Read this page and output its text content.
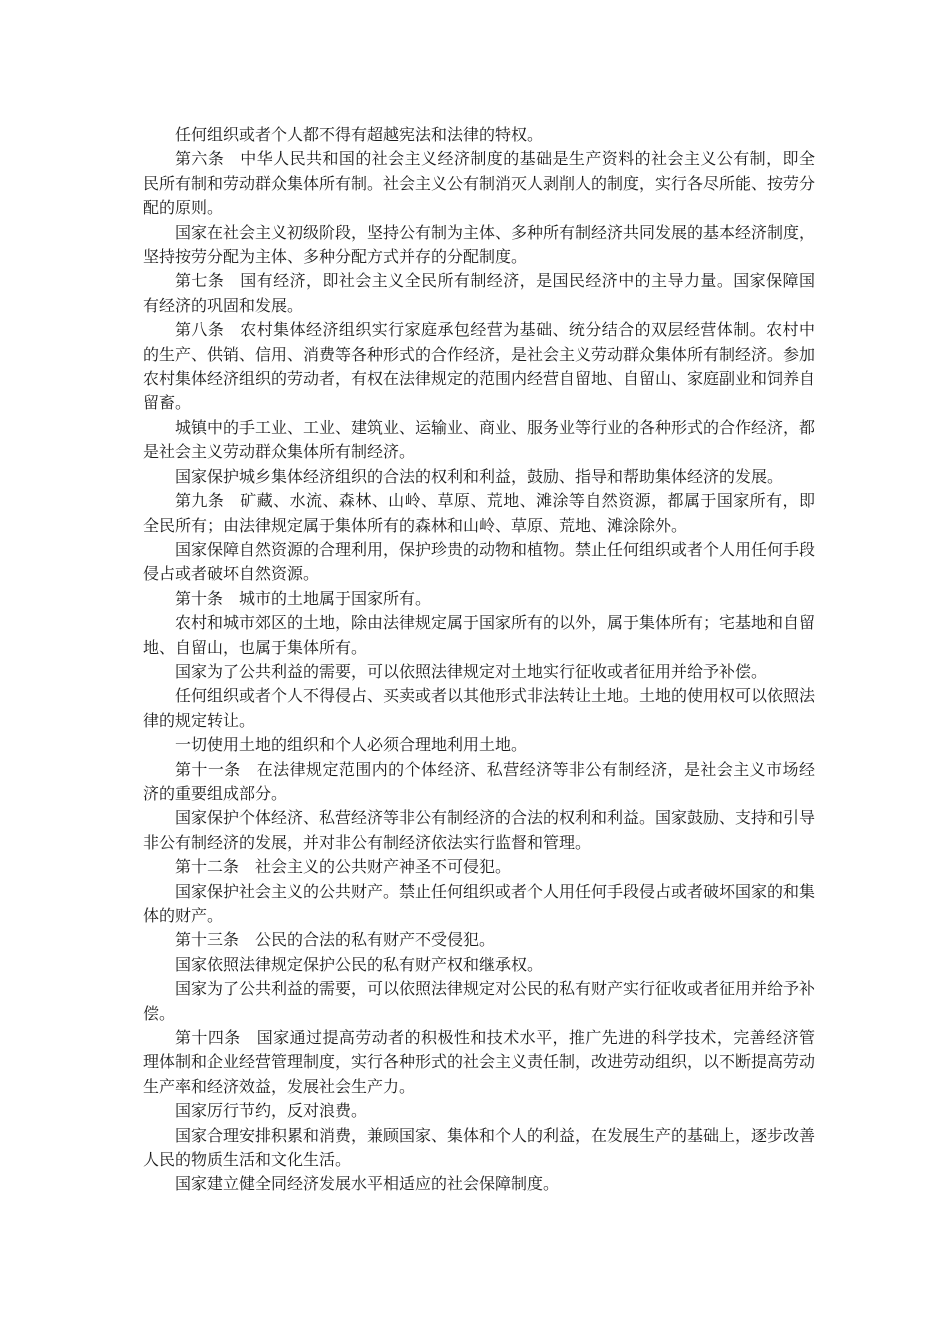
任何组织或者个人都不得有超越宪法和法律的特权。

第六条 中华人民共和国的社会主义经济制度的基础是生产资料的社会主义公有制，即全民所有制和劳动群众集体所有制。社会主义公有制消灭人剥削人的制度，实行各尽所能、按劳分配的原则。

国家在社会主义初级阶段，坚持公有制为主体、多种所有制经济共同发展的基本经济制度，坚持按劳分配为主体、多种分配方式并存的分配制度。

第七条 国有经济，即社会主义全民所有制经济，是国民经济中的主导力量。国家保障国有经济的巩固和发展。

第八条 农村集体经济组织实行家庭承包经营为基础、统分结合的双层经营体制。农村中的生产、供销、信用、消费等各种形式的合作经济，是社会主义劳动群众集体所有制经济。参加农村集体经济组织的劳动者，有权在法律规定的范围内经营自留地、自留山、家庭副业和饲养自留畜。

城镇中的手工业、工业、建筑业、运输业、商业、服务业等行业的各种形式的合作经济，都是社会主义劳动群众集体所有制经济。

国家保护城乡集体经济组织的合法的权利和利益，鼓励、指导和帮助集体经济的发展。

第九条 矿藏、水流、森林、山岭、草原、荒地、滩涂等自然资源，都属于国家所有，即全民所有；由法律规定属于集体所有的森林和山岭、草原、荒地、滩涂除外。

国家保障自然资源的合理利用，保护珍贵的动物和植物。禁止任何组织或者个人用任何手段侵占或者破坏自然资源。

第十条 城市的土地属于国家所有。

农村和城市郊区的土地，除由法律规定属于国家所有的以外，属于集体所有；宅基地和自留地、自留山，也属于集体所有。

国家为了公共利益的需要，可以依照法律规定对土地实行征收或者征用并给予补偿。

任何组织或者个人不得侵占、买卖或者以其他形式非法转让土地。土地的使用权可以依照法律的规定转让。

一切使用土地的组织和个人必须合理地利用土地。

第十一条 在法律规定范围内的个体经济、私营经济等非公有制经济，是社会主义市场经济的重要组成部分。

国家保护个体经济、私营经济等非公有制经济的合法的权利和利益。国家鼓励、支持和引导非公有制经济的发展，并对非公有制经济依法实行监督和管理。

第十二条 社会主义的公共财产神圣不可侵犯。

国家保护社会主义的公共财产。禁止任何组织或者个人用任何手段侵占或者破坏国家的和集体的财产。

第十三条 公民的合法的私有财产不受侵犯。

国家依照法律规定保护公民的私有财产权和继承权。

国家为了公共利益的需要，可以依照法律规定对公民的私有财产实行征收或者征用并给予补偿。

第十四条 国家通过提高劳动者的积极性和技术水平，推广先进的科学技术，完善经济管理体制和企业经营管理制度，实行各种形式的社会主义责任制，改进劳动组织，以不断提高劳动生产率和经济效益，发展社会生产力。

国家厉行节约，反对浪费。

国家合理安排积累和消费，兼顾国家、集体和个人的利益，在发展生产的基础上，逐步改善人民的物质生活和文化生活。

国家建立健全同经济发展水平相适应的社会保障制度。
